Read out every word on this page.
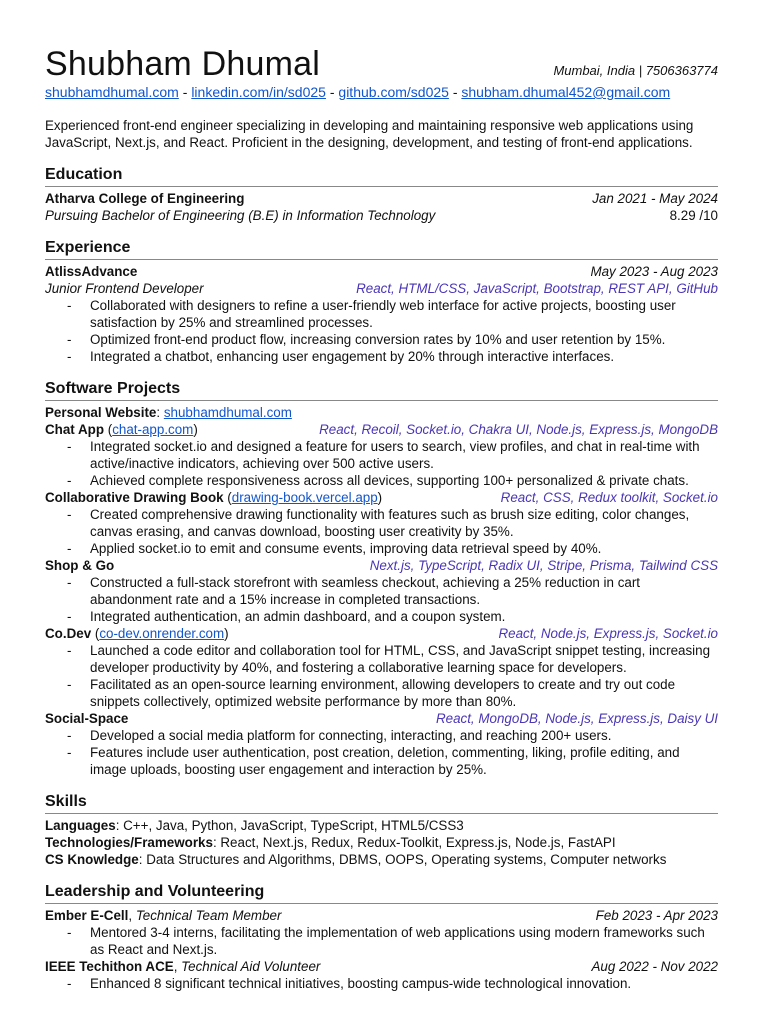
Shubham Dhumal	Mumbai, India | 7506363774
shubhamdhumal.com - linkedin.com/in/sd025 - github.com/sd025 - shubham.dhumal452@gmail.com
Experienced front-end engineer specializing in developing and maintaining responsive web applications using JavaScript, Next.js, and React. Proficient in the designing, development, and testing of front-end applications.
Education
Atharva College of Engineering	Jan 2021 - May 2024
Pursuing Bachelor of Engineering (B.E) in Information Technology	8.29 /10
Experience
AtlissAdvance	May 2023 - Aug 2023
Junior Frontend Developer	React, HTML/CSS, JavaScript, Bootstrap, REST API, GitHub
- Collaborated with designers to refine a user-friendly web interface for active projects, boosting user satisfaction by 25% and streamlined processes.
- Optimized front-end product flow, increasing conversion rates by 10% and user retention by 15%.
- Integrated a chatbot, enhancing user engagement by 20% through interactive interfaces.
Software Projects
Personal Website: shubhamdhumal.com
Chat App (chat-app.com)	React, Recoil, Socket.io, Chakra UI, Node.js, Express.js, MongoDB
- Integrated socket.io and designed a feature for users to search, view profiles, and chat in real-time with active/inactive indicators, achieving over 500 active users.
- Achieved complete responsiveness across all devices, supporting 100+ personalized & private chats.
Collaborative Drawing Book (drawing-book.vercel.app)	React, CSS, Redux toolkit, Socket.io
- Created comprehensive drawing functionality with features such as brush size editing, color changes, canvas erasing, and canvas download, boosting user creativity by 35%.
- Applied socket.io to emit and consume events, improving data retrieval speed by 40%.
Shop & Go	Next.js, TypeScript, Radix UI, Stripe, Prisma, Tailwind CSS
- Constructed a full-stack storefront with seamless checkout, achieving a 25% reduction in cart abandonment rate and a 15% increase in completed transactions.
- Integrated authentication, an admin dashboard, and a coupon system.
Co.Dev (co-dev.onrender.com)	React, Node.js, Express.js, Socket.io
- Launched a code editor and collaboration tool for HTML, CSS, and JavaScript snippet testing, increasing developer productivity by 40%, and fostering a collaborative learning space for developers.
- Facilitated as an open-source learning environment, allowing developers to create and try out code snippets collectively, optimized website performance by more than 80%.
Social-Space	React, MongoDB, Node.js, Express.js, Daisy UI
- Developed a social media platform for connecting, interacting, and reaching 200+ users.
- Features include user authentication, post creation, deletion, commenting, liking, profile editing, and image uploads, boosting user engagement and interaction by 25%.
Skills
Languages: C++, Java, Python, JavaScript, TypeScript, HTML5/CSS3
Technologies/Frameworks: React, Next.js, Redux, Redux-Toolkit, Express.js, Node.js, FastAPI
CS Knowledge: Data Structures and Algorithms, DBMS, OOPS, Operating systems, Computer networks
Leadership and Volunteering
Ember E-Cell, Technical Team Member	Feb 2023 - Apr 2023
- Mentored 3-4 interns, facilitating the implementation of web applications using modern frameworks such as React and Next.js.
IEEE Techithon ACE, Technical Aid Volunteer	Aug 2022 - Nov 2022
- Enhanced 8 significant technical initiatives, boosting campus-wide technological innovation.
